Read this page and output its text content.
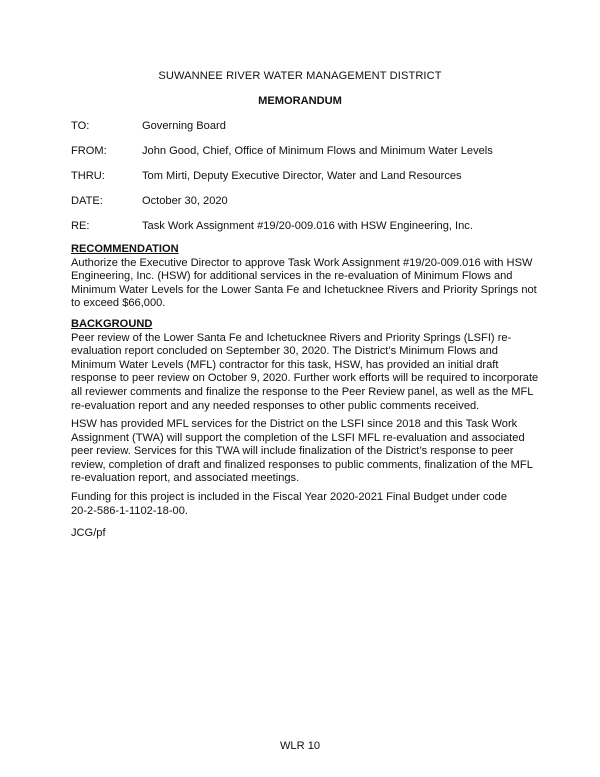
SUWANNEE RIVER WATER MANAGEMENT DISTRICT
MEMORANDUM
TO:	Governing Board
FROM:	John Good, Chief, Office of Minimum Flows and Minimum Water Levels
THRU:	Tom Mirti, Deputy Executive Director, Water and Land Resources
DATE:	October 30, 2020
RE:	Task Work Assignment #19/20-009.016 with HSW Engineering, Inc.
RECOMMENDATION
Authorize the Executive Director to approve Task Work Assignment #19/20-009.016 with HSW
Engineering, Inc. (HSW) for additional services in the re-evaluation of Minimum Flows and
Minimum Water Levels for the Lower Santa Fe and Ichetucknee Rivers and Priority Springs not
to exceed $66,000.
BACKGROUND
Peer review of the Lower Santa Fe and Ichetucknee Rivers and Priority Springs (LSFI) re-
evaluation report concluded on September 30, 2020. The District’s Minimum Flows and
Minimum Water Levels (MFL) contractor for this task, HSW, has provided an initial draft
response to peer review on October 9, 2020. Further work efforts will be required to incorporate
all reviewer comments and finalize the response to the Peer Review panel, as well as the MFL
re-evaluation report and any needed responses to other public comments received.
HSW has provided MFL services for the District on the LSFI since 2018 and this Task Work
Assignment (TWA) will support the completion of the LSFI MFL re-evaluation and associated
peer review. Services for this TWA will include finalization of the District’s response to peer
review, completion of draft and finalized responses to public comments, finalization of the MFL
re-evaluation report, and associated meetings.
Funding for this project is included in the Fiscal Year 2020-2021 Final Budget under code
20-2-586-1-1102-18-00.
JCG/pf
WLR 10
